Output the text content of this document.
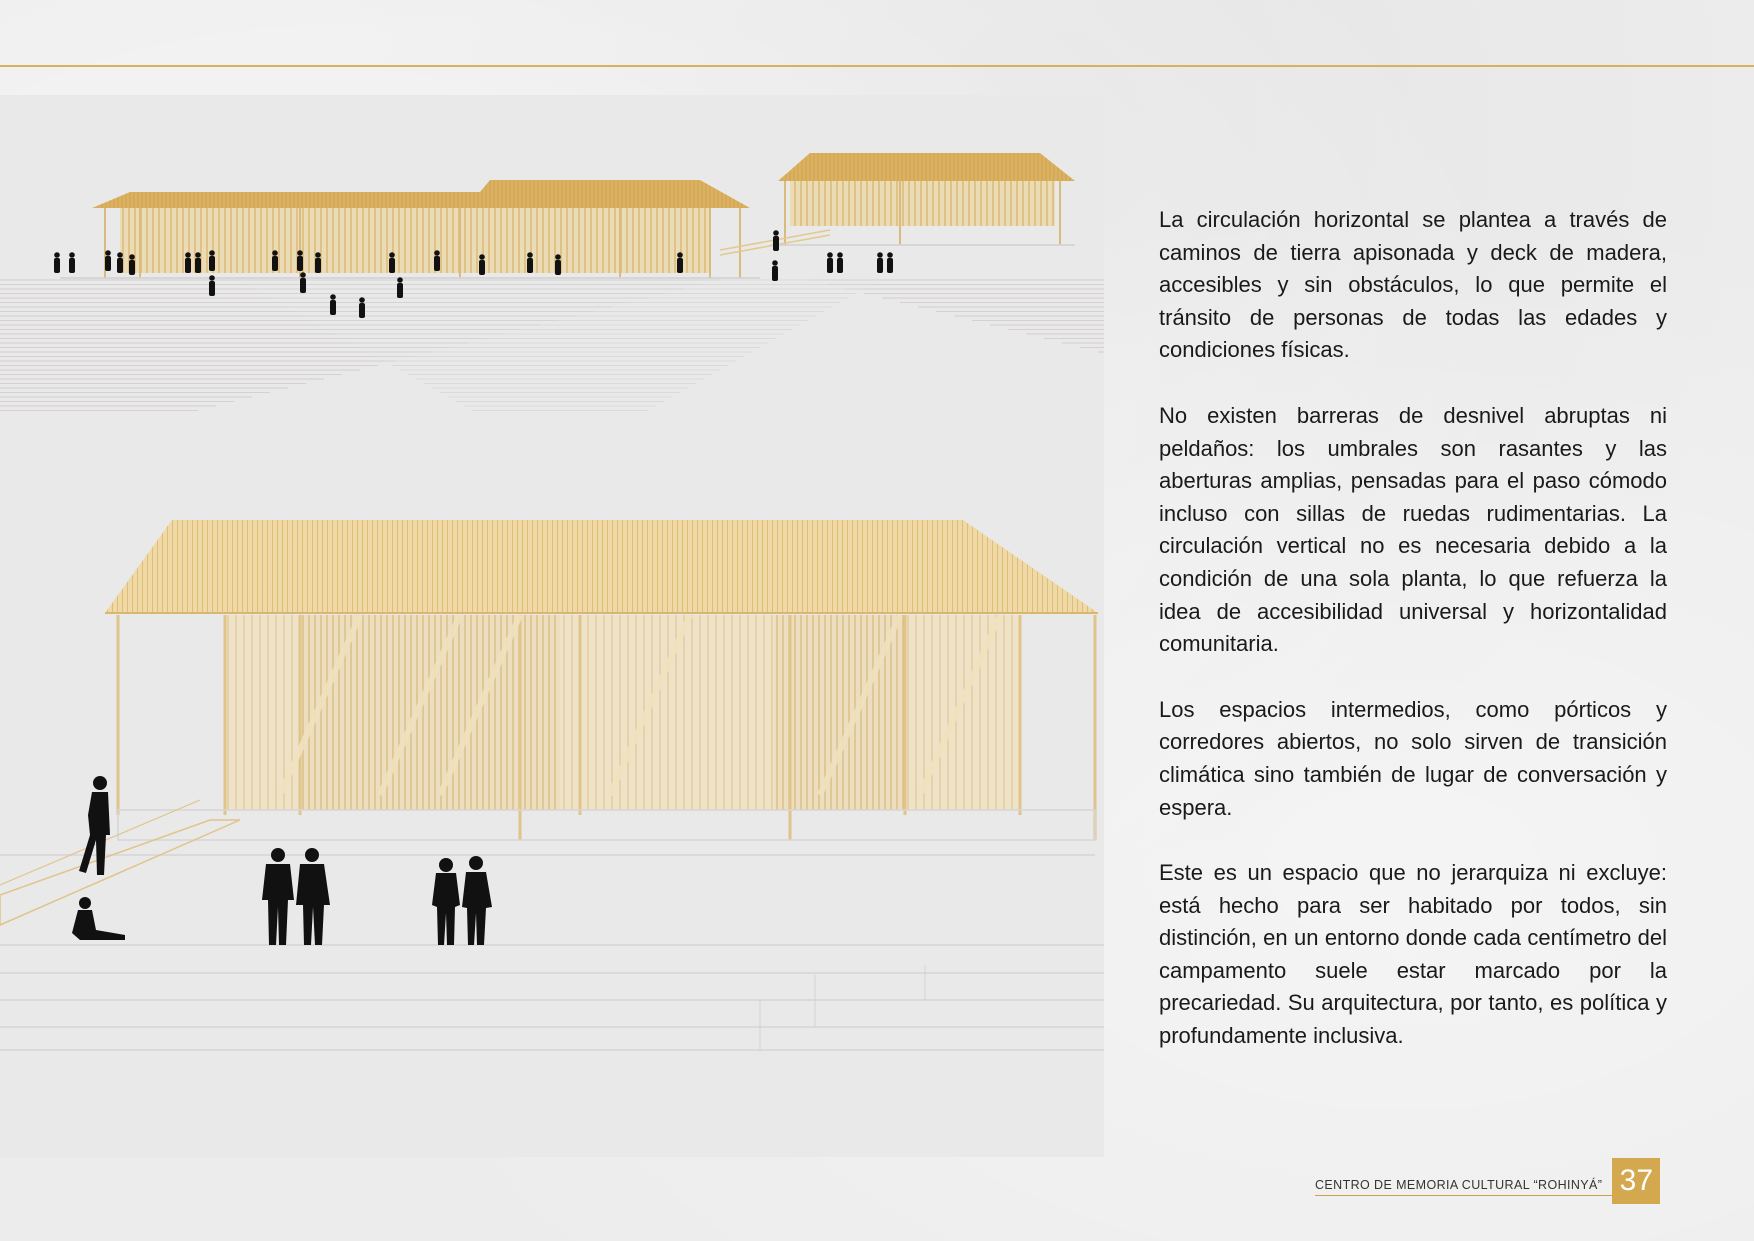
La circulación horizontal se plantea a través de caminos de tierra apisonada y deck de madera, accesibles y sin obstáculos, lo que permite el tránsito de personas de todas las edades y condiciones físicas.

No existen barreras de desnivel abruptas ni peldaños: los umbrales son rasantes y las aberturas amplias, pensadas para el paso cómodo incluso con sillas de ruedas rudimentarias. La circulación vertical no es necesaria debido a la condición de una sola planta, lo que refuerza la idea de accesibilidad universal y horizontalidad comunitaria.

Los espacios intermedios, como pórticos y corredores abiertos, no solo sirven de transición climática sino también de lugar de conversación y espera.

Este es un espacio que no jerarquiza ni excluye: está hecho para ser habitado por todos, sin distinción, en un entorno donde cada centímetro del campamento suele estar marcado por la precariedad. Su arquitectura, por tanto, es política y profundamente inclusiva.

CENTRO DE MEMORIA CULTURAL “ROHINYÁ” 37
